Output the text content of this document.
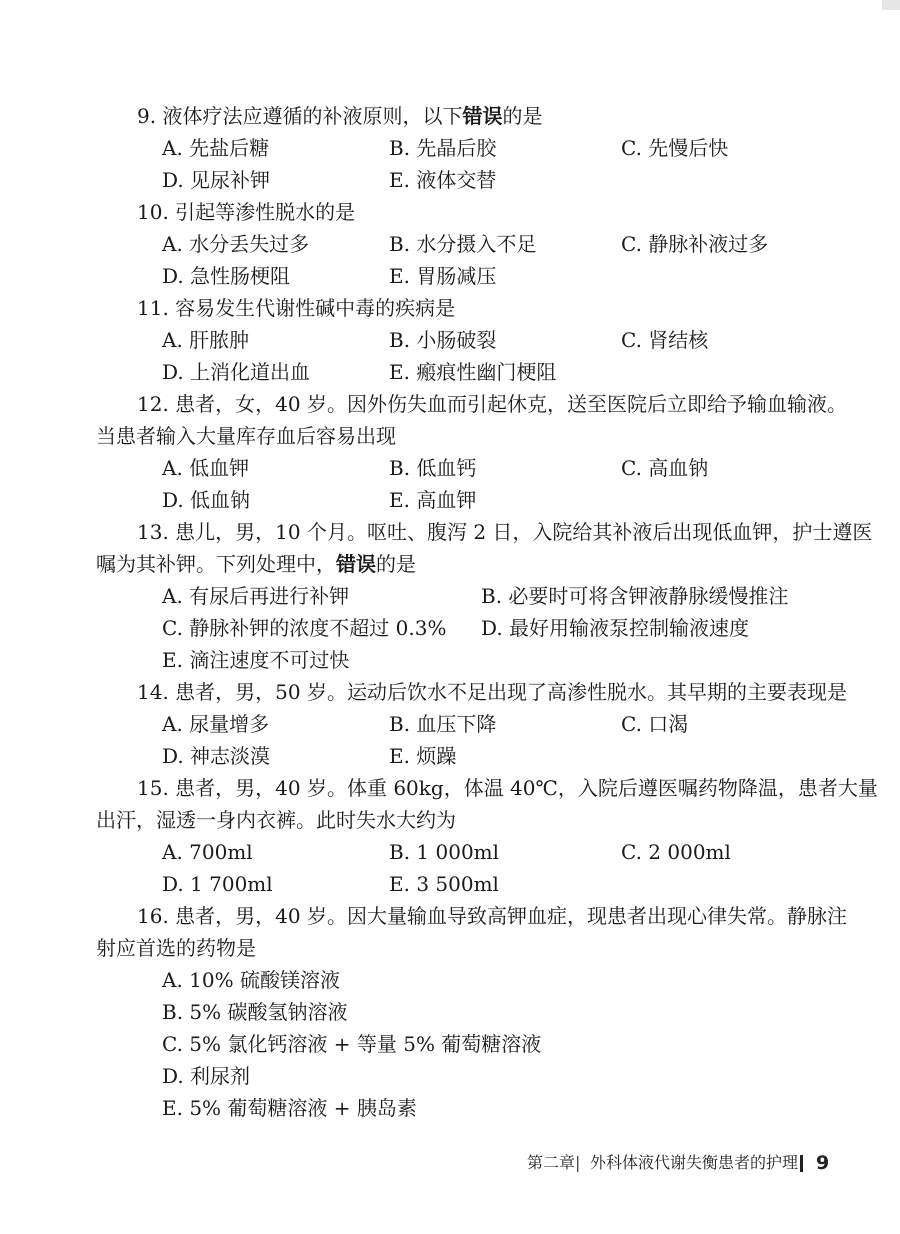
9. 液体疗法应遵循的补液原则，以下错误的是
A. 先盐后糖	B. 先晶后胶	C. 先慢后快
D. 见尿补钾	E. 液体交替
10. 引起等渗性脱水的是
A. 水分丢失过多	B. 水分摄入不足	C. 静脉补液过多
D. 急性肠梗阻	E. 胃肠减压
11. 容易发生代谢性碱中毒的疾病是
A. 肝脓肿	B. 小肠破裂	C. 肾结核
D. 上消化道出血	E. 瘢痕性幽门梗阻
12. 患者，女，40 岁。因外伤失血而引起休克，送至医院后立即给予输血输液。
当患者输入大量库存血后容易出现
A. 低血钾	B. 低血钙	C. 高血钠
D. 低血钠	E. 高血钾
13. 患儿，男，10 个月。呕吐、腹泻 2 日，入院给其补液后出现低血钾，护士遵医
嘱为其补钾。下列处理中，错误的是
A. 有尿后再进行补钾	B. 必要时可将含钾液静脉缓慢推注
C. 静脉补钾的浓度不超过 0.3% D. 最好用输液泵控制输液速度
E. 滴注速度不可过快
14. 患者，男，50 岁。运动后饮水不足出现了高渗性脱水。其早期的主要表现是
A. 尿量增多	B. 血压下降	C. 口渴
D. 神志淡漠	E. 烦躁
15. 患者，男，40 岁。体重 60kg，体温 40℃，入院后遵医嘱药物降温，患者大量
出汗，湿透一身内衣裤。此时失水大约为
A. 700ml	B. 1 000ml	C. 2 000ml
D. 1 700ml	E. 3 500ml
16. 患者，男，40 岁。因大量输血导致高钾血症，现患者出现心律失常。静脉注
射应首选的药物是
A. 10% 硫酸镁溶液
B. 5% 碳酸氢钠溶液
C. 5% 氯化钙溶液 + 等量 5% 葡萄糖溶液
D. 利尿剂
E. 5% 葡萄糖溶液 + 胰岛素
第二章 | 外科体液代谢失衡患者的护理 9
